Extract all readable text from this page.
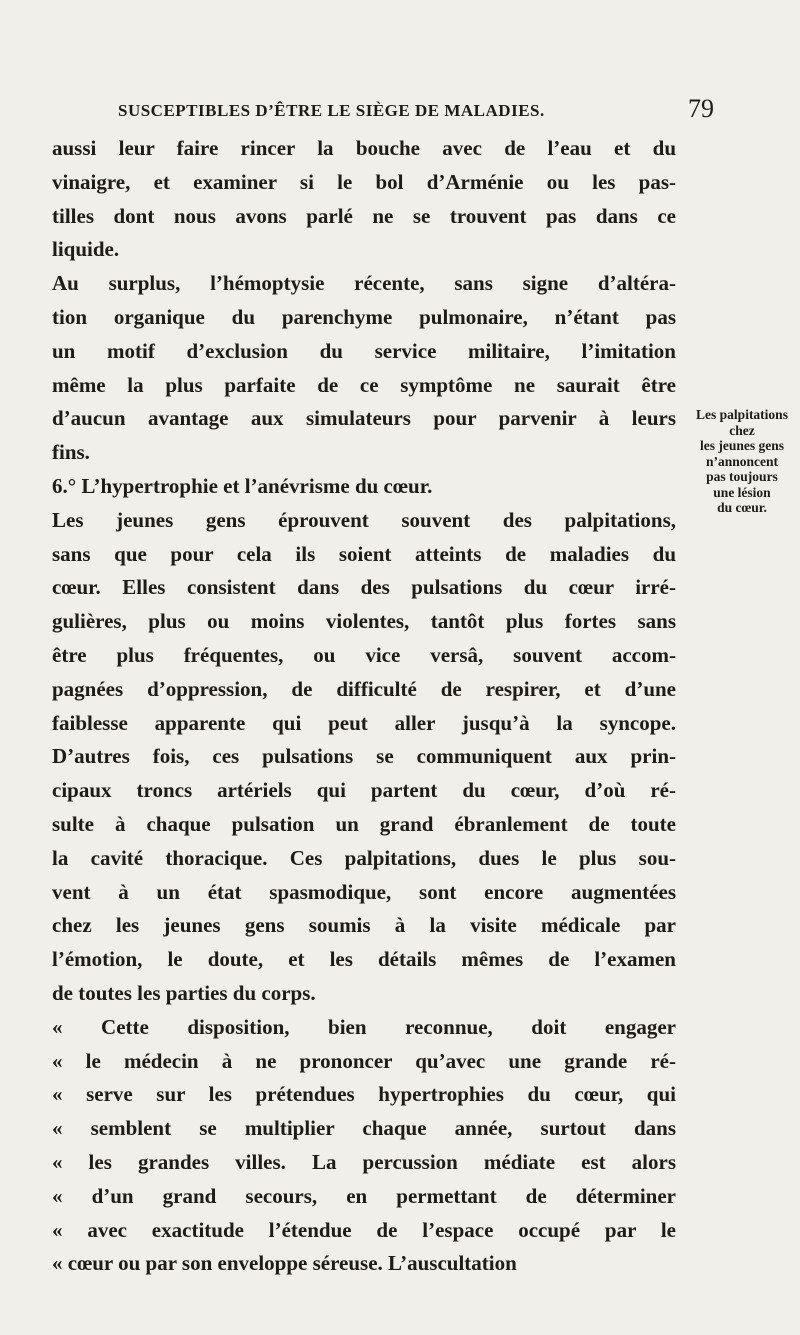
SUSCEPTIBLES D’ÊTRE LE SIÈGE DE MALADIES.	79
aussi leur faire rincer la bouche avec de l’eau et du
vinaigre, et examiner si le bol d’Arménie ou les pas-
tilles dont nous avons parlé ne se trouvent pas dans ce
liquide.
Au surplus, l’hémoptysie récente, sans signe d’altéra-
tion organique du parenchyme pulmonaire, n’étant pas
un motif d’exclusion du service militaire, l’imitation
même la plus parfaite de ce symptôme ne saurait être
d’aucun avantage aux simulateurs pour parvenir à leurs
fins.
6.° L’hypertrophie et l’anévrisme du cœur.
Les jeunes gens éprouvent souvent des palpitations,
sans que pour cela ils soient atteints de maladies du
cœur. Elles consistent dans des pulsations du cœur irré-
gulières, plus ou moins violentes, tantôt plus fortes sans
être plus fréquentes, ou vice versâ, souvent accom-
pagnées d’oppression, de difficulté de respirer, et d’une
faiblesse apparente qui peut aller jusqu’à la syncope.
D’autres fois, ces pulsations se communiquent aux prin-
cipaux troncs artériels qui partent du cœur, d’où ré-
sulte à chaque pulsation un grand ébranlement de toute
la cavité thoracique. Ces palpitations, dues le plus sou-
vent à un état spasmodique, sont encore augmentées
chez les jeunes gens soumis à la visite médicale par
l’émotion, le doute, et les détails mêmes de l’examen
de toutes les parties du corps.
« Cette disposition, bien reconnue, doit engager
« le médecin à ne prononcer qu’avec une grande ré-
« serve sur les prétendues hypertrophies du cœur, qui
« semblent se multiplier chaque année, surtout dans
« les grandes villes. La percussion médiate est alors
« d’un grand secours, en permettant de déterminer
« avec exactitude l’étendue de l’espace occupé par le
« cœur ou par son enveloppe séreuse. L’auscultation
Les palpitations
chez
les jeunes gens
n’annoncent
pas toujours
une lésion
du cœur.
